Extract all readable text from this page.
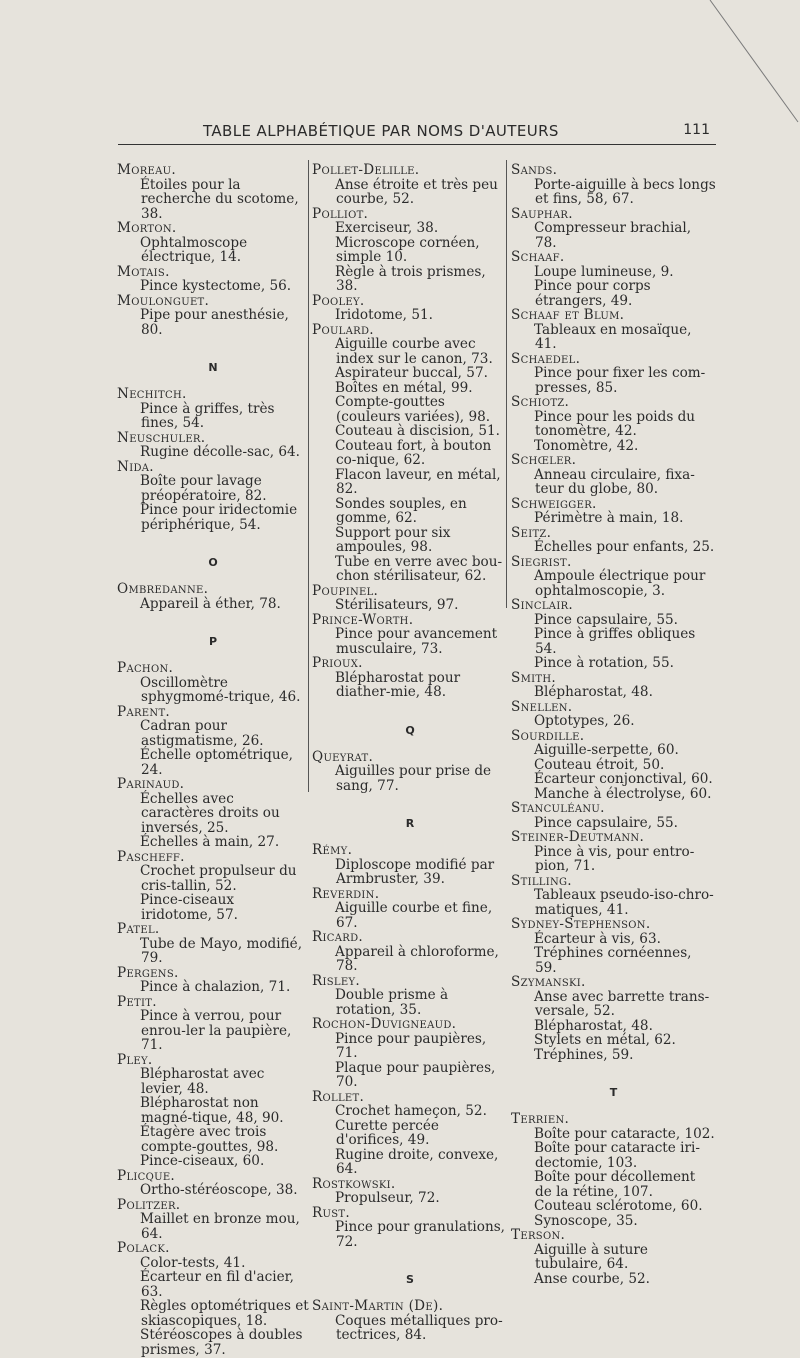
TABLE ALPHABÉTIQUE PAR NOMS D'AUTEURS	111
Moreau.
Étoiles pour la recherche du scotome, 38.
Morton.
Ophtalmoscope électrique, 14.
Motais.
Pince kystectome, 56.
Moulonguet.
Pipe pour anesthésie, 80.
N
Nechitch.
Pince à griffes, très fines, 54.
Neuschuler.
Rugine décolle-sac, 64.
Nida.
Boîte pour lavage préopératoire, 82.
Pince pour iridectomie périphérique, 54.
O
Ombredanne.
Appareil à éther, 78.
P
Pachon.
Oscillomètre sphygmomé-trique, 46.
Parent.
Cadran pour astigmatisme, 26.
Échelle optométrique, 24.
Parinaud.
Échelles avec caractères droits ou inversés, 25.
Échelles à main, 27.
Pascheff.
Crochet propulseur du cris-tallin, 52.
Pince-ciseaux iridotome, 57.
Patel.
Tube de Mayo, modifié, 79.
Pergens.
Pince à chalazion, 71.
Petit.
Pince à verrou, pour enrou-ler la paupière, 71.
Pley.
Blépharostat avec levier, 48.
Blépharostat non magné-tique, 48, 90.
Étagère avec trois compte-gouttes, 98.
Pince-ciseaux, 60.
Plicque.
Ortho-stéréoscope, 38.
Politzer.
Maillet en bronze mou, 64.
Polack.
Color-tests, 41.
Écarteur en fil d'acier, 63.
Règles optométriques et skiascopiques, 18.
Stéréoscopes à doubles prismes, 37.
Pollet-Delille.
Anse étroite et très peu courbe, 52.
Polliot.
Exerciseur, 38.
Microscope cornéen, simple 10.
Règle à trois prismes, 38.
Pooley.
Iridotome, 51.
Poulard.
Aiguille courbe avec index sur le canon, 73.
Aspirateur buccal, 57.
Boîtes en métal, 99.
Compte-gouttes (couleurs variées), 98.
Couteau à discision, 51.
Couteau fort, à bouton co-nique, 62.
Flacon laveur, en métal, 82.
Sondes souples, en gomme, 62.
Support pour six ampoules, 98.
Tube en verre avec bou-chon stérilisateur, 62.
Poupinel.
Stérilisateurs, 97.
Prince-Worth.
Pince pour avancement musculaire, 73.
Prioux.
Blépharostat pour diather-mie, 48.
Q
Queyrat.
Aiguilles pour prise de sang, 77.
R
Rémy.
Diploscope modifié par Armbruster, 39.
Reverdin.
Aiguille courbe et fine, 67.
Ricard.
Appareil à chloroforme, 78.
Risley.
Double prisme à rotation, 35.
Rochon-Duvigneaud.
Pince pour paupières, 71.
Plaque pour paupières, 70.
Rollet.
Crochet hameçon, 52.
Curette percée d'orifices, 49.
Rugine droite, convexe, 64.
Rostkowski.
Propulseur, 72.
Rust.
Pince pour granulations, 72.
S
Saint-Martin (De).
Coques métalliques pro-tectrices, 84.
Sands.
Porte-aiguille à becs longs et fins, 58, 67.
Sauphar.
Compresseur brachial, 78.
Schaaf.
Loupe lumineuse, 9.
Pince pour corps étrangers, 49.
Schaaf et Blum.
Tableaux en mosaïque, 41.
Schaedel.
Pince pour fixer les com-presses, 85.
Schiotz.
Pince pour les poids du tonomètre, 42.
Tonomètre, 42.
Schœler.
Anneau circulaire, fixa-teur du globe, 80.
Schweigger.
Périmètre à main, 18.
Seitz.
Échelles pour enfants, 25.
Siegrist.
Ampoule électrique pour ophtalmoscopie, 3.
Sinclair.
Pince capsulaire, 55.
Pince à griffes obliques 54.
Pince à rotation, 55.
Smith.
Blépharostat, 48.
Snellen.
Optotypes, 26.
Sourdille.
Aiguille-serpette, 60.
Couteau étroit, 50.
Écarteur conjonctival, 60.
Manche à électrolyse, 60.
Stanculéanu.
Pince capsulaire, 55.
Steiner-Deutmann.
Pince à vis, pour entro-pion, 71.
Stilling.
Tableaux pseudo-iso-chro-matiques, 41.
Sydney-Stephenson.
Écarteur à vis, 63.
Tréphines cornéennes, 59.
Szymanski.
Anse avec barrette trans-versale, 52.
Blépharostat, 48.
Stylets en métal, 62.
Tréphines, 59.
T
Terrien.
Boîte pour cataracte, 102.
Boîte pour cataracte iri-dectomie, 103.
Boîte pour décollement de la rétine, 107.
Couteau sclérotome, 60.
Synoscope, 35.
Terson.
Aiguille à suture tubulaire, 64.
Anse courbe, 52.
